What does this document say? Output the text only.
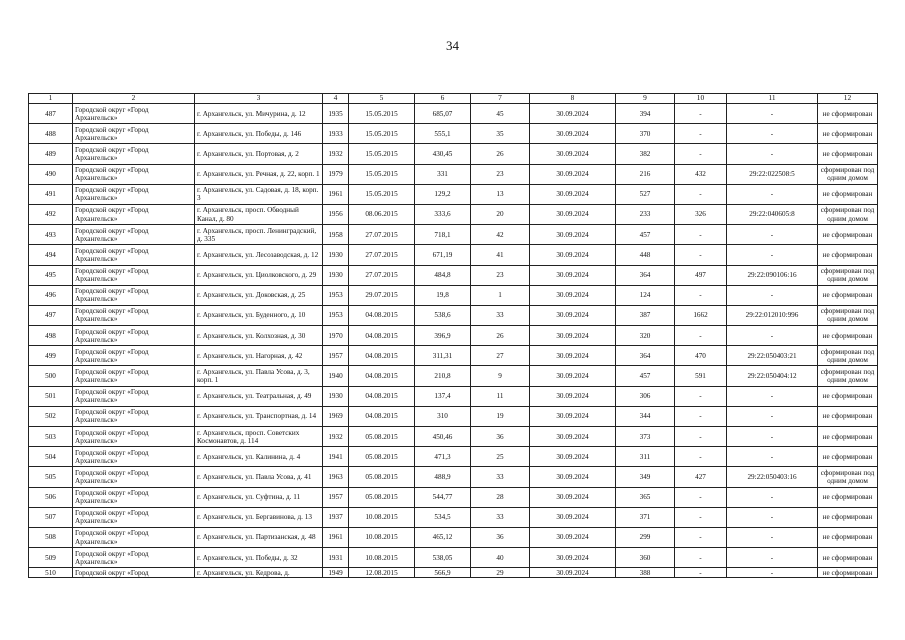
34
1	2	3	4	5	6	7	8	9	10	11	12
487	Городской округ «Город Архангельск»	г. Архангельск, ул. Мичурина, д. 12	1935	15.05.2015	685,07	45	30.09.2024	394	-	-	не сформирован
488	Городской округ «Город Архангельск»	г. Архангельск, ул. Победы, д. 146	1933	15.05.2015	555,1	35	30.09.2024	370	-	-	не сформирован
489	Городской округ «Город Архангельск»	г. Архангельск, ул. Портовая, д. 2	1932	15.05.2015	430,45	26	30.09.2024	382	-	-	не сформирован
490	Городской округ «Город Архангельск»	г. Архангельск, ул. Речная, д. 22, корп. 1	1979	15.05.2015	331	23	30.09.2024	216	432	29:22:022508:5	сформирован под одним домом
491	Городской округ «Город Архангельск»	г. Архангельск, ул. Садовая, д. 18, корп. 3	1961	15.05.2015	129,2	13	30.09.2024	527	-	-	не сформирован
492	Городской округ «Город Архангельск»	г. Архангельск, просп. Обводный Канал, д. 80	1956	08.06.2015	333,6	20	30.09.2024	233	326	29:22:040605:8	сформирован под одним домом
493	Городской округ «Город Архангельск»	г. Архангельск, просп. Ленинградский, д. 335	1958	27.07.2015	718,1	42	30.09.2024	457	-	-	не сформирован
494	Городской округ «Город Архангельск»	г. Архангельск, ул. Лесозаводская, д. 12	1930	27.07.2015	671,19	41	30.09.2024	448	-	-	не сформирован
495	Городской округ «Город Архангельск»	г. Архангельск, ул. Циолковского, д. 29	1930	27.07.2015	484,8	23	30.09.2024	364	497	29:22:090106:16	сформирован под одним домом
496	Городской округ «Город Архангельск»	г. Архангельск, ул. Доковская, д. 25	1953	29.07.2015	19,8	1	30.09.2024	124	-	-	не сформирован
497	Городской округ «Город Архангельск»	г. Архангельск, ул. Буденного, д. 10	1953	04.08.2015	538,6	33	30.09.2024	387	1662	29:22:012010:996	сформирован под одним домом
498	Городской округ «Город Архангельск»	г. Архангельск, ул. Колхозная, д. 30	1970	04.08.2015	396,9	26	30.09.2024	320	-	-	не сформирован
499	Городской округ «Город Архангельск»	г. Архангельск, ул. Нагорная, д. 42	1957	04.08.2015	311,31	27	30.09.2024	364	470	29:22:050403:21	сформирован под одним домом
500	Городской округ «Город Архангельск»	г. Архангельск, ул. Павла Усова, д. 3, корп. 1	1940	04.08.2015	210,8	9	30.09.2024	457	591	29:22:050404:12	сформирован под одним домом
501	Городской округ «Город Архангельск»	г. Архангельск, ул. Театральная, д. 49	1930	04.08.2015	137,4	11	30.09.2024	306	-	-	не сформирован
502	Городской округ «Город Архангельск»	г. Архангельск, ул. Транспортная, д. 14	1969	04.08.2015	310	19	30.09.2024	344	-	-	не сформирован
503	Городской округ «Город Архангельск»	г. Архангельск, просп. Советских Космонавтов, д. 114	1932	05.08.2015	450,46	36	30.09.2024	373	-	-	не сформирован
504	Городской округ «Город Архангельск»	г. Архангельск, ул. Калинина, д. 4	1941	05.08.2015	471,3	25	30.09.2024	311	-	-	не сформирован
505	Городской округ «Город Архангельск»	г. Архангельск, ул. Павла Усова, д. 41	1963	05.08.2015	488,9	33	30.09.2024	349	427	29:22:050403:16	сформирован под одним домом
506	Городской округ «Город Архангельск»	г. Архангельск, ул. Суфтина, д. 11	1957	05.08.2015	544,77	28	30.09.2024	365	-	-	не сформирован
507	Городской округ «Город Архангельск»	г. Архангельск, ул. Бергавинова, д. 13	1937	10.08.2015	534,5	33	30.09.2024	371	-	-	не сформирован
508	Городской округ «Город Архангельск»	г. Архангельск, ул. Партизанская, д. 48	1961	10.08.2015	465,12	36	30.09.2024	299	-	-	не сформирован
509	Городской округ «Город Архангельск»	г. Архангельск, ул. Победы, д. 32	1931	10.08.2015	538,05	40	30.09.2024	360	-	-	не сформирован
510	Городской округ «Город	г. Архангельск, ул. Кедрова, д.	1949	12.08.2015	566,9	29	30.09.2024	388	-	-	не сформирован
